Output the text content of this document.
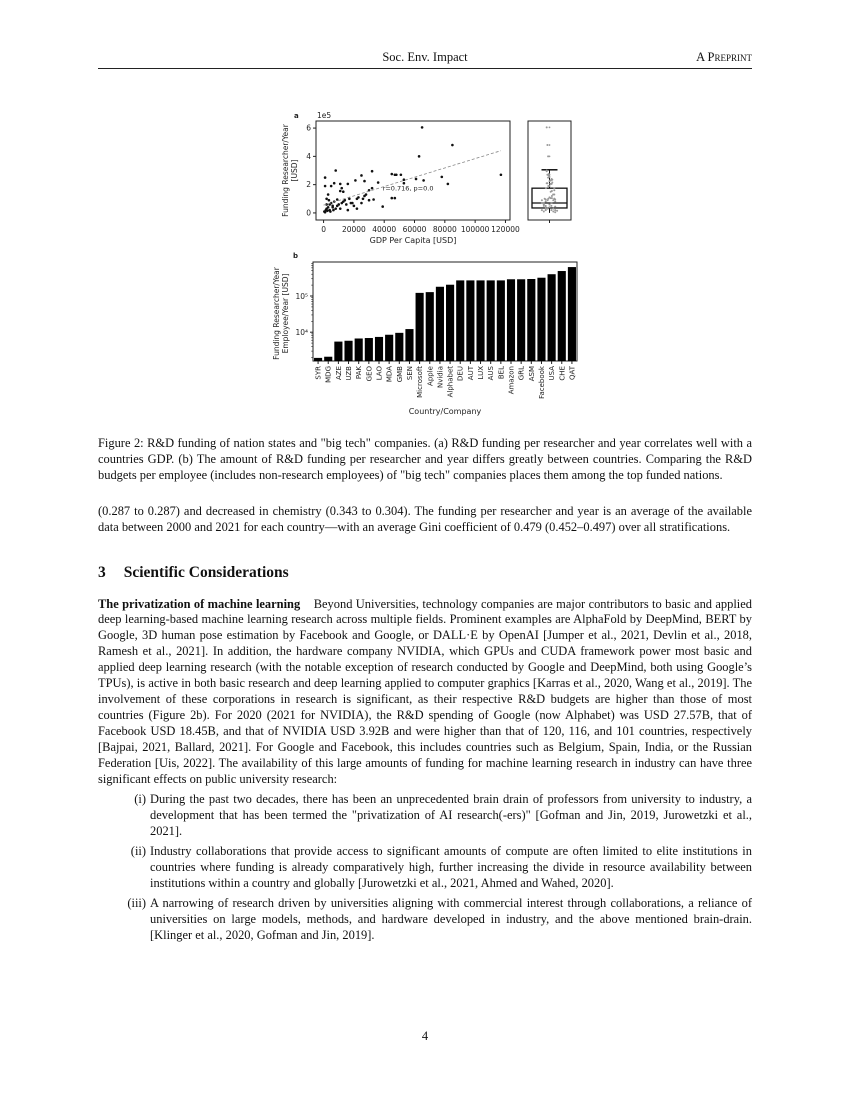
Soc. Env. Impact	A Preprint
0 20000 40000 60000 80000 100000 120000
0
2
4
6
1e5
a
GDP Per Capita [USD]
Funding Researcher/Year [USD]
r=0.716, p=0.0
b
SYR MDG AZE UZB PAK GEO LAO MDA GMB SEN Microsoft Apple Nvidia Alphabet DEU AUT LUX AUS BEL Amazon GRL ASM Facebook USA CHE QAT
10⁴
10⁵
Country/Company
Funding Researcher/Year Employee/Year [USD]
Figure 2: R&D funding of nation states and "big tech" companies. (a) R&D funding per researcher and year correlates well with a countries GDP. (b) The amount of R&D funding per researcher and year differs greatly between countries. Comparing the R&D budgets per employee (includes non-research employees) of "big tech" companies places them among the top funded nations.
(0.287 to 0.287) and decreased in chemistry (0.343 to 0.304). The funding per researcher and year is an average of the available data between 2000 and 2021 for each country—with an average Gini coefficient of 0.479 (0.452–0.497) over all stratifications.
3 Scientific Considerations
The privatization of machine learning Beyond Universities, technology companies are major contributors to basic and applied deep learning-based machine learning research across multiple fields. Prominent examples are AlphaFold by DeepMind, BERT by Google, 3D human pose estimation by Facebook and Google, or DALL·E by OpenAI [Jumper et al., 2021, Devlin et al., 2018, Ramesh et al., 2021]. In addition, the hardware company NVIDIA, which GPUs and CUDA framework power most basic and applied deep learning research (with the notable exception of research conducted by Google and DeepMind, both using Google’s TPUs), is active in both basic research and deep learning applied to computer graphics [Karras et al., 2020, Wang et al., 2019]. The involvement of these corporations in research is significant, as their respective R&D budgets are higher than those of most countries (Figure 2b). For 2020 (2021 for NVIDIA), the R&D spending of Google (now Alphabet) was USD 27.57B, that of Facebook USD 18.45B, and that of NVIDIA USD 3.92B and were higher than that of 120, 116, and 101 countries, respectively [Bajpai, 2021, Ballard, 2021]. For Google and Facebook, this includes countries such as Belgium, Spain, India, or the Russian Federation [Uis, 2022]. The availability of this large amounts of funding for machine learning research in industry can have three significant effects on public university research:
(i) During the past two decades, there has been an unprecedented brain drain of professors from university to industry, a development that has been termed the "privatization of AI research(-ers)" [Gofman and Jin, 2019, Jurowetzki et al., 2021].
(ii) Industry collaborations that provide access to significant amounts of compute are often limited to elite institutions in countries where funding is already comparatively high, further increasing the divide in resource availability between institutions within a country and globally [Jurowetzki et al., 2021, Ahmed and Wahed, 2020].
(iii) A narrowing of research driven by universities aligning with commercial interest through collaborations, a reliance of universities on large models, methods, and hardware developed in industry, and the above mentioned brain-drain. [Klinger et al., 2020, Gofman and Jin, 2019].
4
